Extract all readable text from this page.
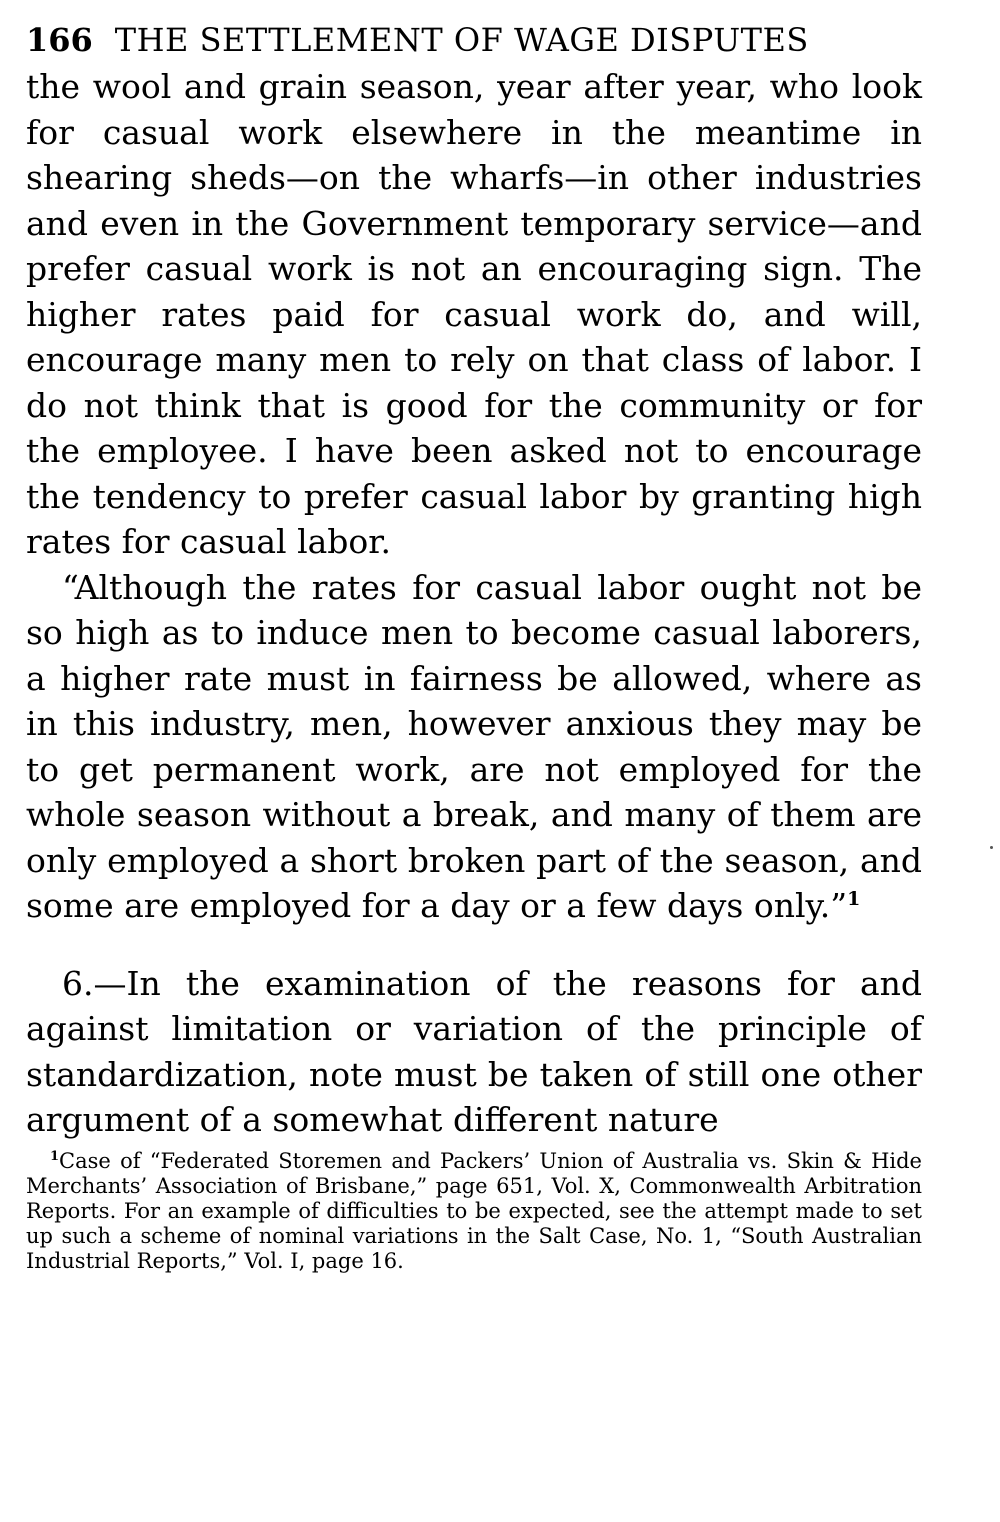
166 THE SETTLEMENT OF WAGE DISPUTES

the wool and grain season, year after year, who look for casual work elsewhere in the meantime in shearing sheds—on the wharfs—in other industries and even in the Government temporary service—and prefer casual work is not an encouraging sign. The higher rates paid for casual work do, and will, encourage many men to rely on that class of labor. I do not think that is good for the community or for the employee. I have been asked not to encourage the tendency to prefer casual labor by granting high rates for casual labor.

“Although the rates for casual labor ought not be so high as to induce men to become casual laborers, a higher rate must in fairness be allowed, where as in this industry, men, however anxious they may be to get permanent work, are not employed for the whole season without a break, and many of them are only employed a short broken part of the season, and some are employed for a day or a few days only.”$^1$

6.—In the examination of the reasons for and against limitation or variation of the principle of standardization, note must be taken of still one other argument of a somewhat different nature

$^1$Case of “Federated Storemen and Packers’ Union of Australia vs. Skin & Hide Merchants’ Association of Brisbane,” page 651, Vol. X, Commonwealth Arbitration Reports. For an example of difficulties to be expected, see the attempt made to set up such a scheme of nominal variations in the Salt Case, No. 1, “South Australian Industrial Reports,” Vol. I, page 16.
